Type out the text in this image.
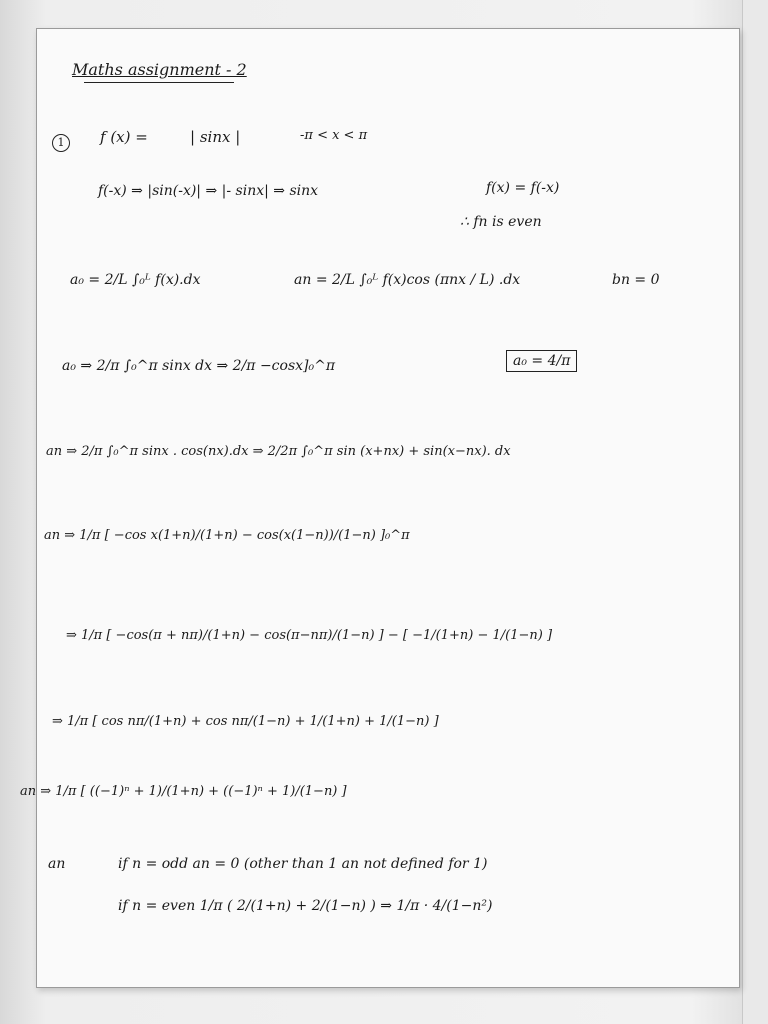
Maths assignment - 2
1	f (x) =	| sinx |	-π < x < π
f(-x) ⇒ |sin(-x)| ⇒ |- sinx| ⇒ sinx	f(x) = f(-x)
∴ fn is even
a₀ = 2/L ∫₀ᴸ f(x).dx	an = 2/L ∫₀ᴸ f(x)cos (πnx / L) .dx	bn = 0
a₀ ⇒ 2/π ∫₀^π sinx dx ⇒ 2/π −cosx]₀^π	a₀ = 4/π
an ⇒ 2/π ∫₀^π sinx . cos(nx).dx ⇒ 2/2π ∫₀^π sin (x+nx) + sin(x−nx). dx
an ⇒ 1/π [ −cos x(1+n)/(1+n) − cos(x(1−n))/(1−n) ]₀^π
⇒ 1/π [ −cos(π + nπ)/(1+n) − cos(π−nπ)/(1−n) ] − [ −1/(1+n) − 1/(1−n) ]
⇒ 1/π [ cos nπ/(1+n) + cos nπ/(1−n) + 1/(1+n) + 1/(1−n) ]
an ⇒ 1/π [ ((−1)ⁿ + 1)/(1+n) + ((−1)ⁿ + 1)/(1−n) ]
an	if n = odd an = 0 (other than 1 an not defined for 1)
if n = even 1/π ( 2/(1+n) + 2/(1−n) ) ⇒ 1/π · 4/(1−n²)
